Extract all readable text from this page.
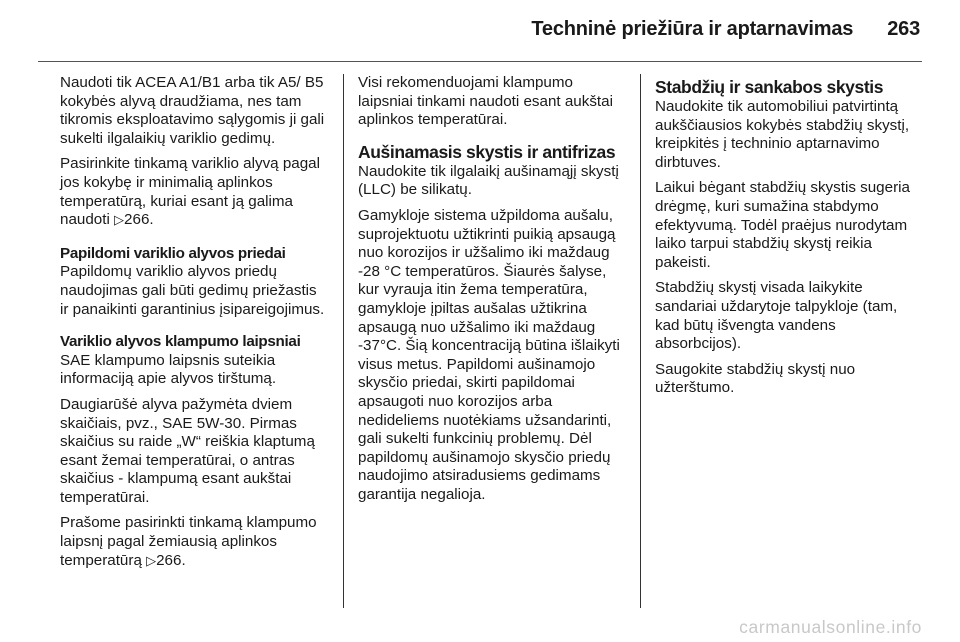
Techninė priežiūra ir aptarnavimas 263

Naudoti tik ACEA A1/B1 arba tik A5/ B5 kokybės alyvą draudžiama, nes tam tikromis eksploatavimo sąlygomis ji gali sukelti ilgalaikių variklio gedimų.

Pasirinkite tinkamą variklio alyvą pagal jos kokybę ir minimalią aplinkos temperatūrą, kuriai esant ją galima naudoti ▷266.

Papildomi variklio alyvos priedai

Papildomų variklio alyvos priedų naudojimas gali būti gedimų priežastis ir panaikinti garantinius įsipareigojimus.

Variklio alyvos klampumo laipsniai

SAE klampumo laipsnis suteikia informaciją apie alyvos tirštumą.

Daugiarūšė alyva pažymėta dviem skaičiais, pvz., SAE 5W-30. Pirmas skaičius su raide „W“ reiškia klaptumą esant žemai temperatūrai, o antras skaičius - klampumą esant aukštai temperatūrai.

Prašome pasirinkti tinkamą klampumo laipsnį pagal žemiausią aplinkos temperatūrą ▷266.

Visi rekomenduojami klampumo laipsniai tinkami naudoti esant aukštai aplinkos temperatūrai.

Aušinamasis skystis ir antifrizas

Naudokite tik ilgalaikį aušinamąjį skystį (LLC) be silikatų.

Gamykloje sistema užpildoma aušalu, suprojektuotu užtikrinti puikią apsaugą nuo korozijos ir užšalimo iki maždaug -28 °C temperatūros. Šiaurės šalyse, kur vyrauja itin žema temperatūra, gamykloje įpiltas aušalas užtikrina apsaugą nuo užšalimo iki maždaug -37°C. Šią koncentraciją būtina išlaikyti visus metus. Papildomi aušinamojo skysčio priedai, skirti papildomai apsaugoti nuo korozijos arba nedideliems nuotėkiams užsandarinti, gali sukelti funkcinių problemų. Dėl papildomų aušinamojo skysčio priedų naudojimo atsiradusiems gedimams garantija negalioja.

Stabdžių ir sankabos skystis

Naudokite tik automobiliui patvirtintą aukščiausios kokybės stabdžių skystį, kreipkitės į techninio aptarnavimo dirbtuves.

Laikui bėgant stabdžių skystis sugeria drėgmę, kuri sumažina stabdymo efektyvumą. Todėl praėjus nurodytam laiko tarpui stabdžių skystį reikia pakeisti.

Stabdžių skystį visada laikykite sandariai uždarytoje talpykloje (tam, kad būtų išvengta vandens absorbcijos).

Saugokite stabdžių skystį nuo užterštumo.

carmanualsonline.info
